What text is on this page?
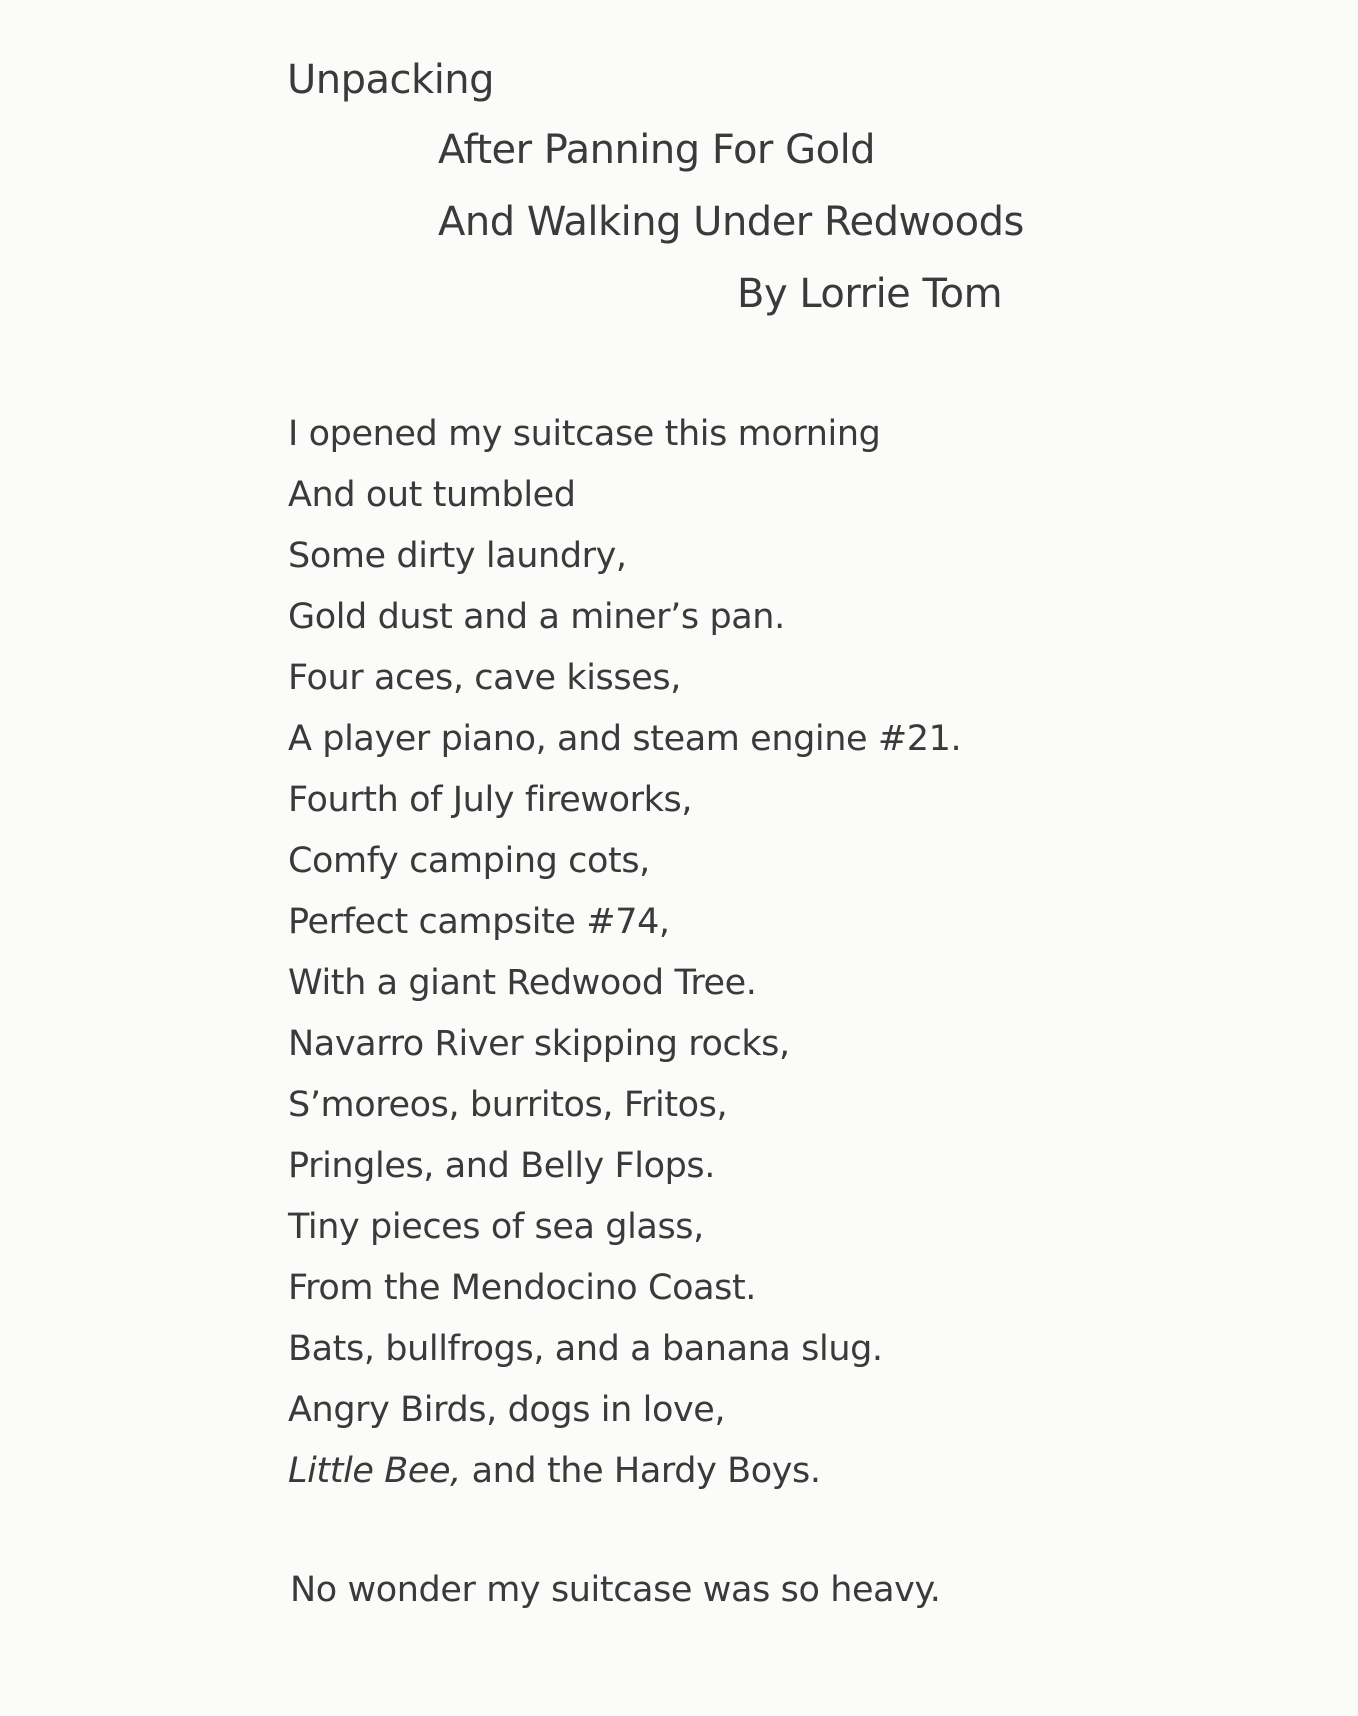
Unpacking
After Panning For Gold
And Walking Under Redwoods
By Lorrie Tom
I opened my suitcase this morning
And out tumbled
Some dirty laundry,
Gold dust and a miner’s pan.
Four aces, cave kisses,
A player piano, and steam engine #21.
Fourth of July fireworks,
Comfy camping cots,
Perfect campsite #74,
With a giant Redwood Tree.
Navarro River skipping rocks,
S’moreos, burritos, Fritos,
Pringles, and Belly Flops.
Tiny pieces of sea glass,
From the Mendocino Coast.
Bats, bullfrogs, and a banana slug.
Angry Birds, dogs in love,
Little Bee, and the Hardy Boys.
No wonder my suitcase was so heavy.
